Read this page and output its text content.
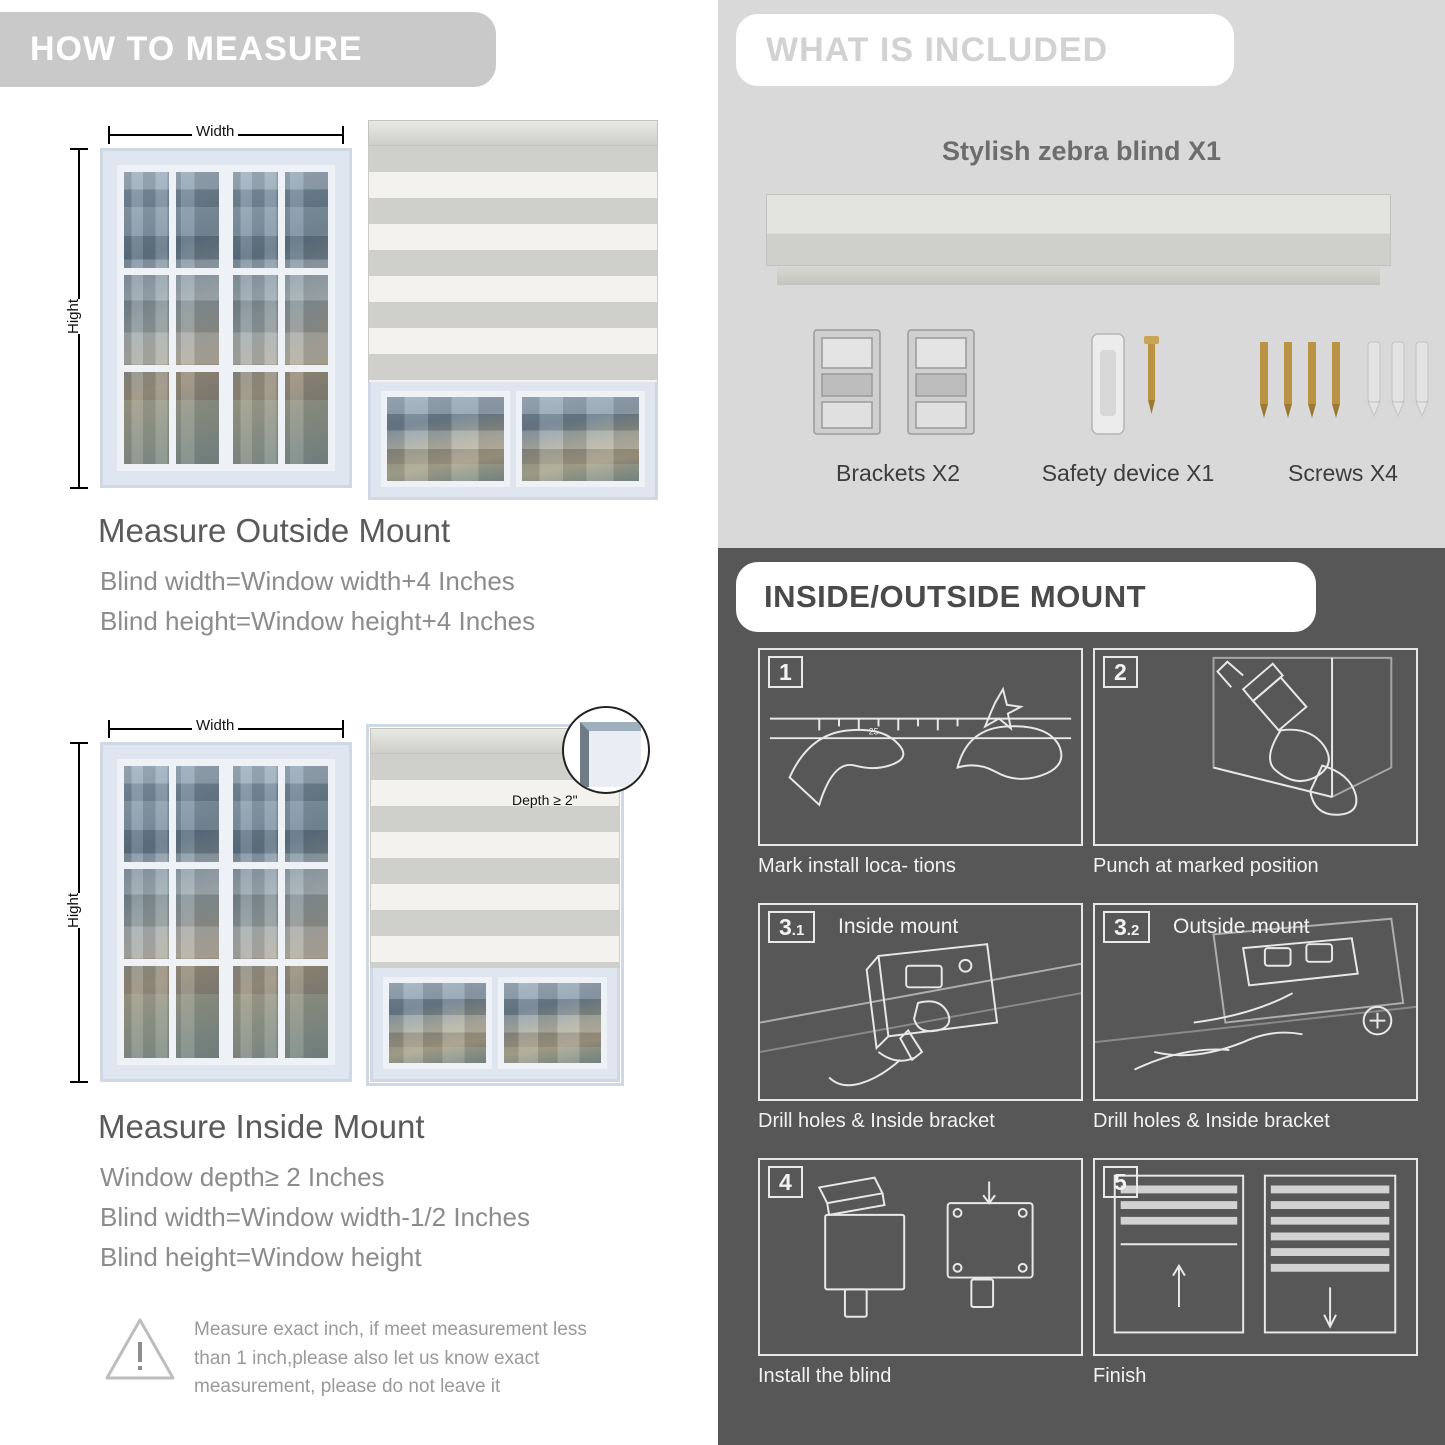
HOW TO MEASURE
Width
Hight
Measure Outside Mount
Blind width=Window width+4 Inches
Blind height=Window height+4 Inches
Width
Hight
Depth ≥ 2"
Measure Inside Mount
Window depth≥ 2 Inches
Blind width=Window width-1/2 Inches
Blind height=Window height
Measure exact inch, if meet measurement less
than 1 inch,please also let us know exact
measurement, please do not leave it
WHAT IS INCLUDED
Stylish zebra blind X1
Brackets X2	Safety device X1	Screws X4
INSIDE/OUTSIDE MOUNT
25
1
Mark install loca- tions
2
Punch at marked position
3.1	Inside mount
Drill holes & Inside bracket
3.2	Outside mount
Drill holes & Inside bracket
4
Install the blind
5
Finish
